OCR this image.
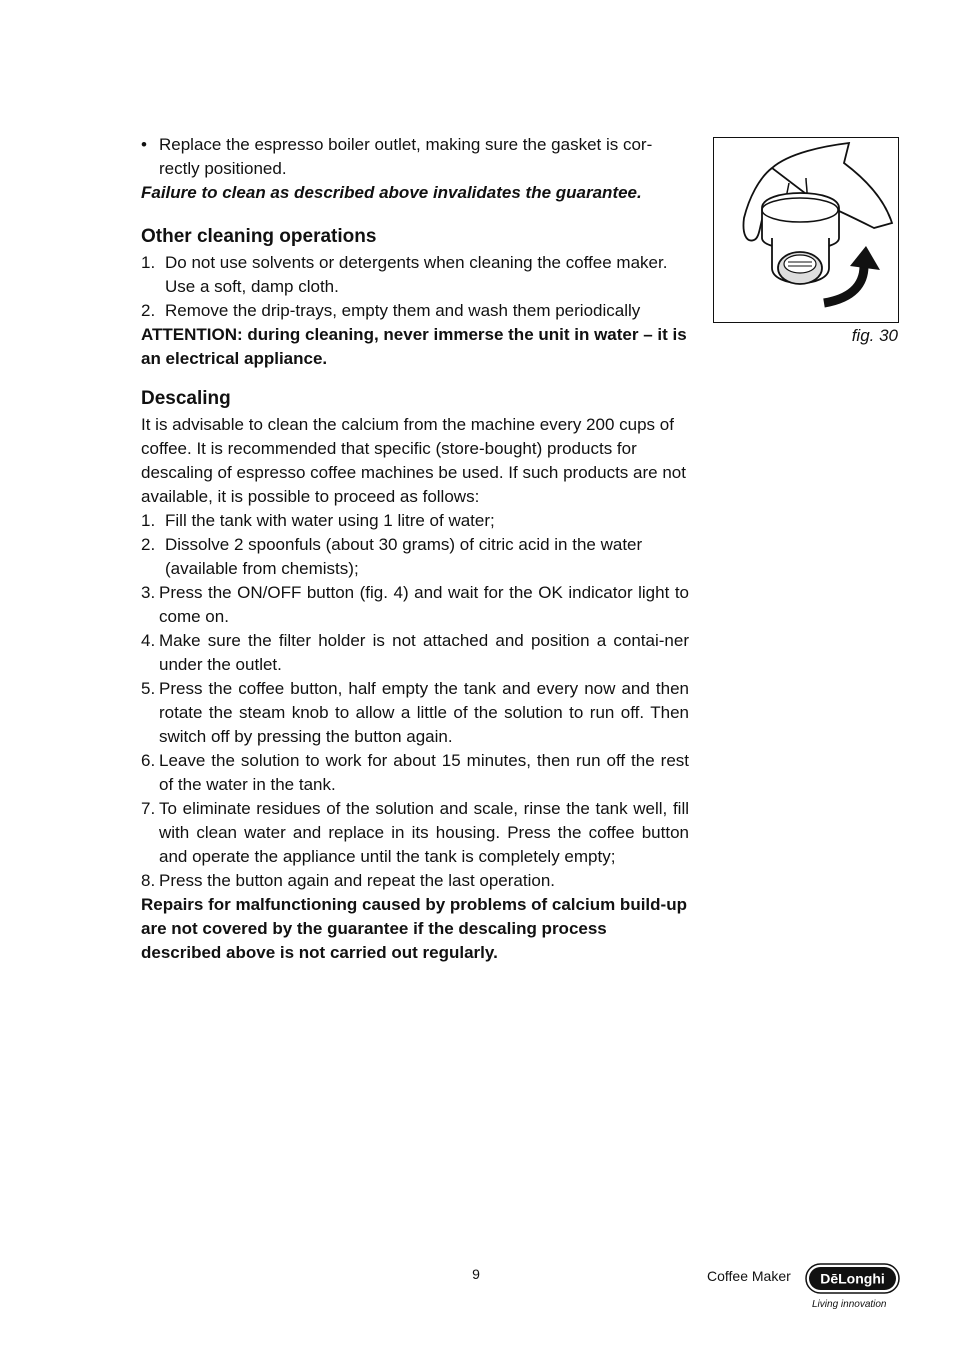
• Replace the espresso boiler outlet, making sure the gasket is cor-rectly positioned.
Failure to clean as described above invalidates the guarantee.
Other cleaning operations
1. Do not use solvents or detergents when cleaning the coffee maker. Use a soft, damp cloth.
2. Remove the drip-trays, empty them and wash them periodically
ATTENTION: during cleaning, never immerse the unit in water – it is an electrical appliance.
Descaling
It is advisable to clean the calcium from the machine every 200 cups of coffee. It is recommended that specific (store-bought) products for descaling of espresso coffee machines be used. If such products are not available, it is possible to proceed as follows:
1. Fill the tank with water using 1 litre of water;
2. Dissolve 2 spoonfuls (about 30 grams) of citric acid in the water (available from chemists);
3. Press the ON/OFF button (fig. 4) and wait for the OK indicator light to come on.
4. Make sure the filter holder is not attached and position a contai-ner under the outlet.
5. Press the coffee button, half empty the tank and every now and then rotate the steam knob to allow a little of the solution to run off. Then switch off by pressing the button again.
6. Leave the solution to work for about 15 minutes, then run off the rest of the water in the tank.
7. To eliminate residues of the solution and scale, rinse the tank well, fill with clean water and replace in its housing. Press the coffee button and operate the appliance until the tank is completely empty;
8. Press the button again and repeat the last operation.
Repairs for malfunctioning caused by problems of calcium build-up are not covered by the guarantee if the descaling process described above is not carried out regularly.
fig. 30
9	Coffee Maker DēLonghi
Living innovation
